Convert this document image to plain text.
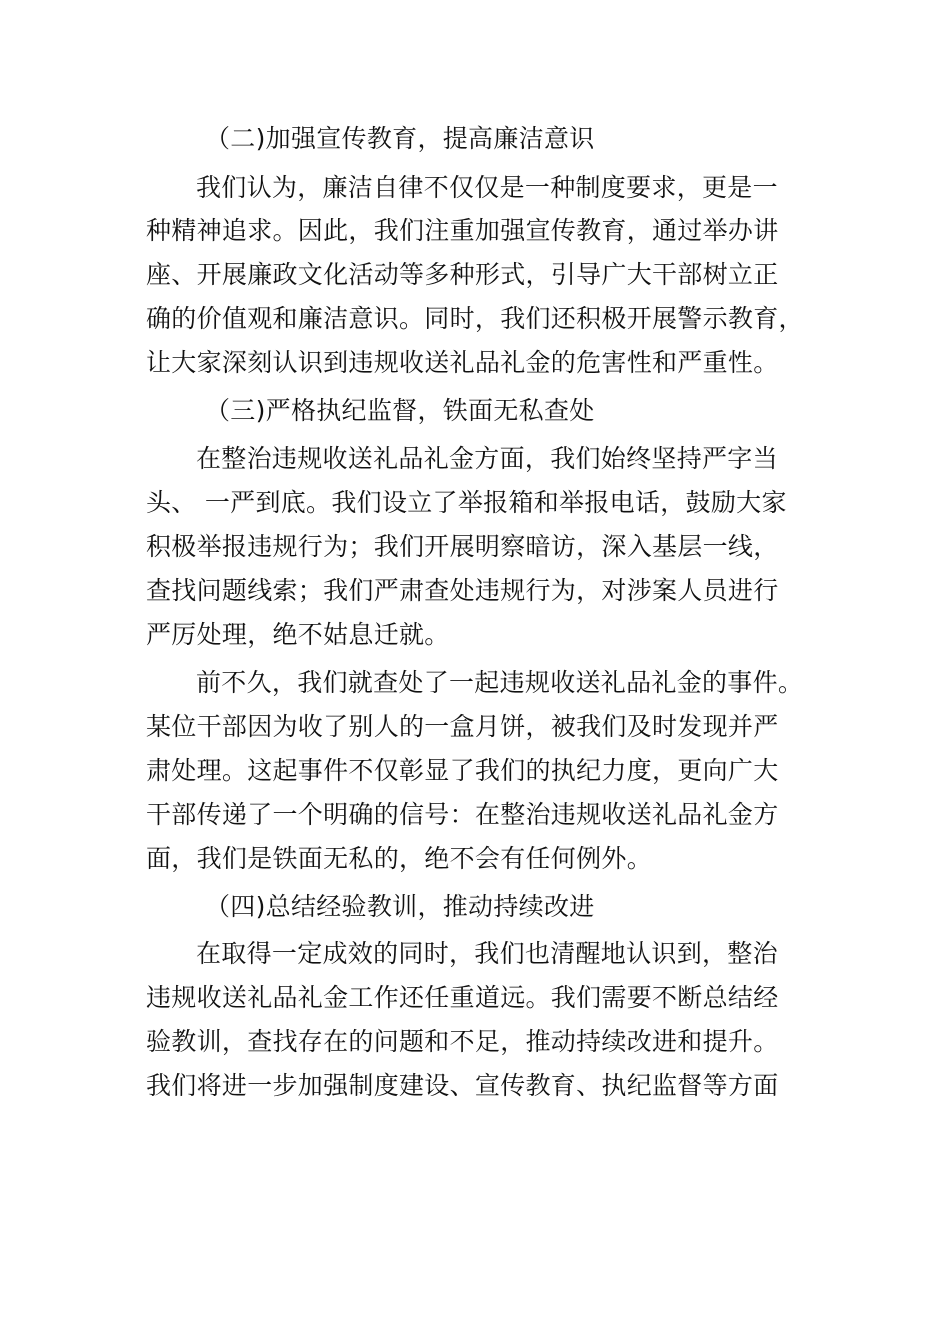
（二)加强宣传教育，提高廉洁意识
我们认为，廉洁自律不仅仅是一种制度要求，更是一
种精神追求。因此，我们注重加强宣传教育，通过举办讲
座、开展廉政文化活动等多种形式，引导广大干部树立正
确的价值观和廉洁意识。同时，我们还积极开展警示教育，
让大家深刻认识到违规收送礼品礼金的危害性和严重性。
（三)严格执纪监督，铁面无私查处
在整治违规收送礼品礼金方面，我们始终坚持严字当
头、 一严到底。我们设立了举报箱和举报电话，鼓励大家
积极举报违规行为；我们开展明察暗访，深入基层一线，
查找问题线索；我们严肃查处违规行为，对涉案人员进行
严厉处理，绝不姑息迁就。
前不久，我们就查处了一起违规收送礼品礼金的事件。
某位干部因为收了别人的一盒月饼，被我们及时发现并严
肃处理。这起事件不仅彰显了我们的执纪力度，更向广大
干部传递了一个明确的信号：在整治违规收送礼品礼金方
面，我们是铁面无私的，绝不会有任何例外。
（四)总结经验教训，推动持续改进
在取得一定成效的同时，我们也清醒地认识到，整治
违规收送礼品礼金工作还任重道远。我们需要不断总结经
验教训，查找存在的问题和不足，推动持续改进和提升。
我们将进一步加强制度建设、宣传教育、执纪监督等方面
